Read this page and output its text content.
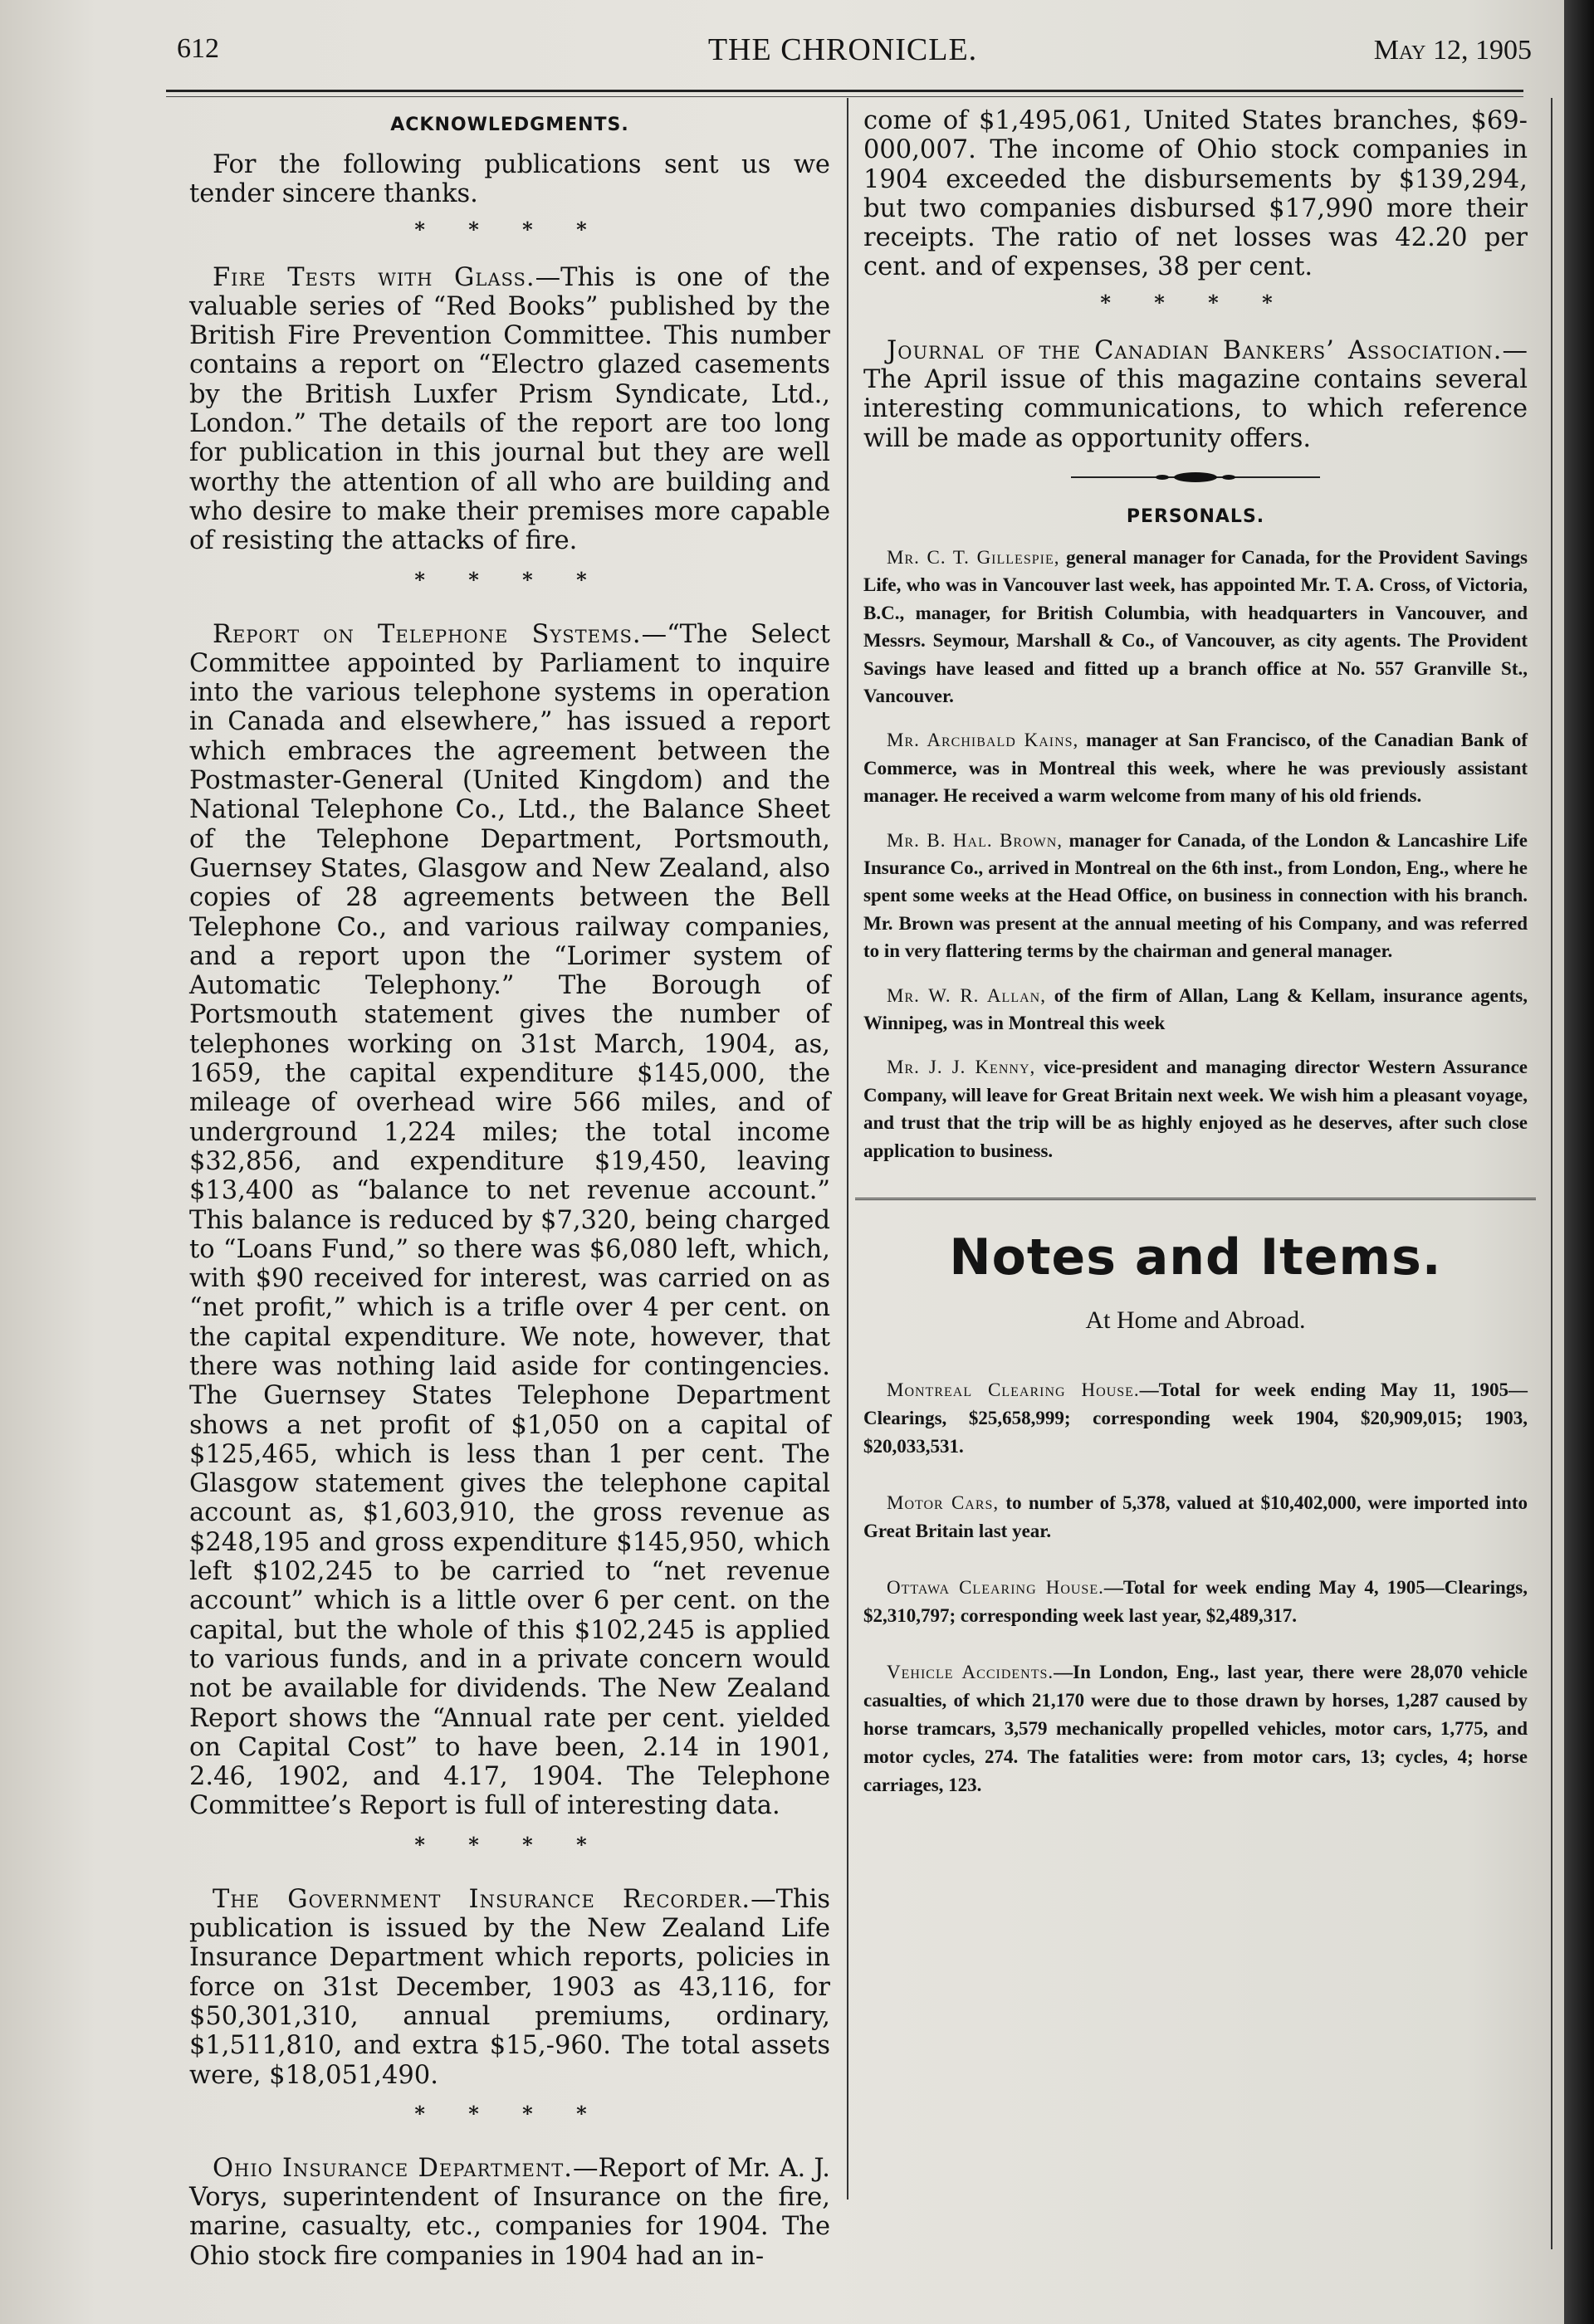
612	THE CHRONICLE.	May 12, 1905
ACKNOWLEDGMENTS.

For the following publications sent us we tender sincere thanks.

* * * *

Fire Tests with Glass.—This is one of the valuable series of “Red Books” published by the British Fire Prevention Committee. This number contains a report on “Electro glazed casements by the British Luxfer Prism Syndicate, Ltd., London.” The details of the report are too long for publication in this journal but they are well worthy the attention of all who are building and who desire to make their premises more capable of resisting the attacks of fire.

* * * *

Report on Telephone Systems.—“The Select Committee appointed by Parliament to inquire into the various telephone systems in operation in Canada and elsewhere,” has issued a report which embraces the agreement between the Postmaster-General (United Kingdom) and the National Telephone Co., Ltd., the Balance Sheet of the Telephone Department, Portsmouth, Guernsey States, Glasgow and New Zealand, also copies of 28 agreements between the Bell Telephone Co., and various railway companies, and a report upon the “Lorimer system of Automatic Telephony.” The Borough of Portsmouth statement gives the number of telephones working on 31st March, 1904, as, 1659, the capital expenditure $145,000, the mileage of overhead wire 566 miles, and of underground 1,224 miles; the total income $32,856, and expenditure $19,450, leaving $13,400 as “balance to net revenue account.” This balance is reduced by $7,320, being charged to “Loans Fund,” so there was $6,080 left, which, with $90 received for interest, was carried on as “net profit,” which is a trifle over 4 per cent. on the capital expenditure. We note, however, that there was nothing laid aside for contingencies. The Guernsey States Telephone Department shows a net profit of $1,050 on a capital of $125,465, which is less than 1 per cent. The Glasgow statement gives the telephone capital account as, $1,603,910, the gross revenue as $248,195 and gross expenditure $145,950, which left $102,245 to be carried to “net revenue account” which is a little over 6 per cent. on the capital, but the whole of this $102,245 is applied to various funds, and in a private concern would not be available for dividends. The New Zealand Report shows the “Annual rate per cent. yielded on Capital Cost” to have been, 2.14 in 1901, 2.46, 1902, and 4.17, 1904. The Telephone Committee’s Report is full of interesting data.

* * * *

The Government Insurance Recorder.—This publication is issued by the New Zealand Life Insurance Department which reports, policies in force on 31st December, 1903 as 43,116, for $50,301,310, annual premiums, ordinary, $1,511,810, and extra $15,-960. The total assets were, $18,051,490.

* * * *

Ohio Insurance Department.—Report of Mr. A. J. Vorys, superintendent of Insurance on the fire, marine, casualty, etc., companies for 1904. The Ohio stock fire companies in 1904 had an in-

come of $1,495,061, United States branches, $69-000,007. The income of Ohio stock companies in 1904 exceeded the disbursements by $139,294, but two companies disbursed $17,990 more their receipts. The ratio of net losses was 42.20 per cent. and of expenses, 38 per cent.

* * * *

Journal of the Canadian Bankers’ Association.—The April issue of this magazine contains several interesting communications, to which reference will be made as opportunity offers.

PERSONALS.

Mr. C. T. Gillespie, general manager for Canada, for the Provident Savings Life, who was in Vancouver last week, has appointed Mr. T. A. Cross, of Victoria, B.C., manager, for British Columbia, with headquarters in Vancouver, and Messrs. Seymour, Marshall & Co., of Vancouver, as city agents. The Provident Savings have leased and fitted up a branch office at No. 557 Granville St., Vancouver.

Mr. Archibald Kains, manager at San Francisco, of the Canadian Bank of Commerce, was in Montreal this week, where he was previously assistant manager. He received a warm welcome from many of his old friends.

Mr. B. Hal. Brown, manager for Canada, of the London & Lancashire Life Insurance Co., arrived in Montreal on the 6th inst., from London, Eng., where he spent some weeks at the Head Office, on business in connection with his branch. Mr. Brown was present at the annual meeting of his Company, and was referred to in very flattering terms by the chairman and general manager.

Mr. W. R. Allan, of the firm of Allan, Lang & Kellam, insurance agents, Winnipeg, was in Montreal this week

Mr. J. J. Kenny, vice-president and managing director Western Assurance Company, will leave for Great Britain next week. We wish him a pleasant voyage, and trust that the trip will be as highly enjoyed as he deserves, after such close application to business.

Notes and Items.
At Home and Abroad.

Montreal Clearing House.—Total for week ending May 11, 1905—Clearings, $25,658,999; corresponding week 1904, $20,909,015; 1903, $20,033,531.

Motor Cars, to number of 5,378, valued at $10,402,000, were imported into Great Britain last year.

Ottawa Clearing House.—Total for week ending May 4, 1905—Clearings, $2,310,797; corresponding week last year, $2,489,317.

Vehicle Accidents.—In London, Eng., last year, there were 28,070 vehicle casualties, of which 21,170 were due to those drawn by horses, 1,287 caused by horse tramcars, 3,579 mechanically propelled vehicles, motor cars, 1,775, and motor cycles, 274. The fatalities were: from motor cars, 13; cycles, 4; horse carriages, 123.
